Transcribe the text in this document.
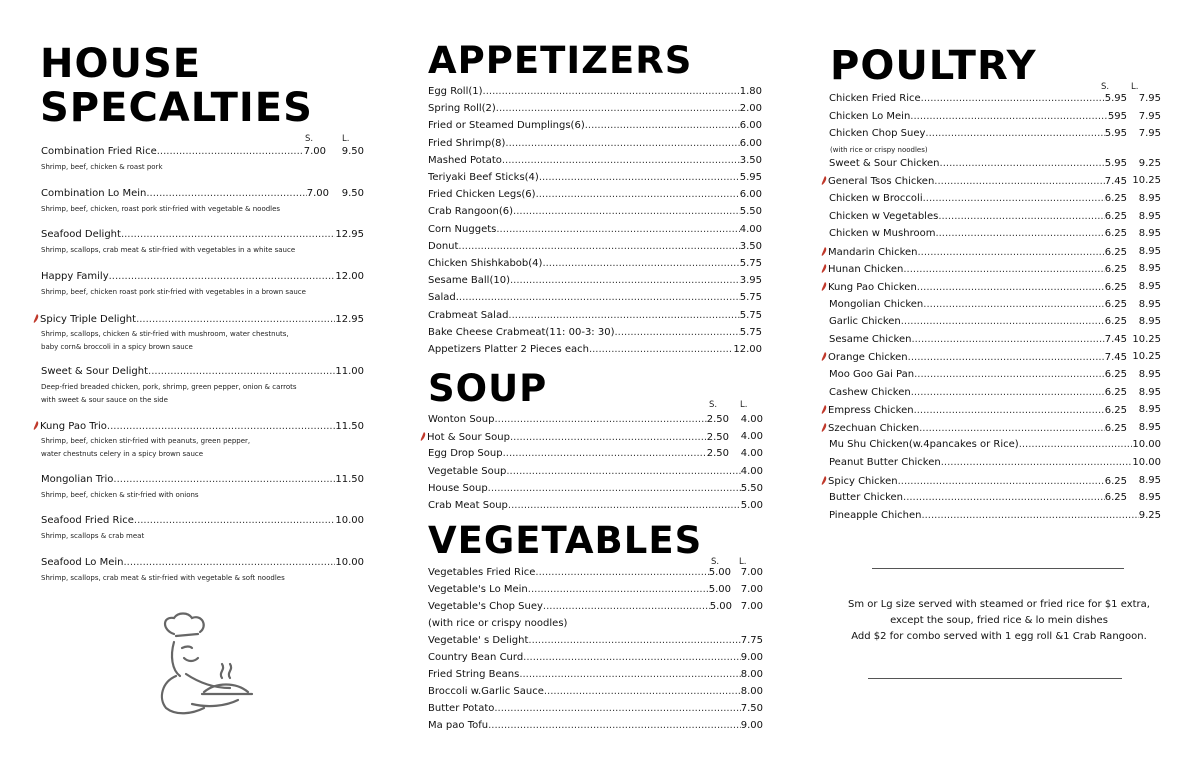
HOUSE
SPECALTIES
S.	L.
Combination Fried Rice .....	7.00	9.50
Shrimp, beef, chicken & roast pork
Combination Lo Mein .....	7.00	9.50
Shrimp, beef, chicken, roast pork stir-fried with vegetable & noodles
Seafood Delight .....	12.95
Shrimp, scallops, crab meat & stir-fried with vegetables in a white sauce
Happy Family .....	12.00
Shrimp, beef, chicken roast pork stir-fried with vegetables in a brown sauce
Spicy Triple Delight .....	12.95
Shrimp, scallops, chicken & stir-fried with mushroom, water chestnuts,
baby corn& broccoli in a spicy brown sauce
Sweet & Sour Delight .....	11.00
Deep-fried breaded chicken, pork, shrimp, green pepper, onion & carrots
with sweet & sour sauce on the side
Kung Pao Trio .....	11.50
Shrimp, beef, chicken stir-fried with peanuts, green pepper,
water chestnuts celery in a spicy brown sauce
Mongolian Trio .....	11.50
Shrimp, beef, chicken & stir-fried with onions
Seafood Fried Rice .....	10.00
Shrimp, scallops & crab meat
Seafood Lo Mein .....	10.00
Shrimp, scallops, crab meat & stir-fried with vegetable & soft noodles
APPETIZERS
Egg Roll(1) .....	1.80
Spring Roll(2) .....	2.00
Fried or Steamed Dumplings(6) .....	6.00
Fried Shrimp(8) .....	6.00
Mashed Potato .....	3.50
Teriyaki Beef Sticks(4) .....	5.95
Fried Chicken Legs(6) .....	6.00
Crab Rangoon(6) .....	5.50
Corn Nuggets .....	4.00
Donut .....	3.50
Chicken Shishkabob(4) .....	5.75
Sesame Ball(10) .....	3.95
Salad. .....	5.75
Crabmeat Salad .....	5.75
Bake Cheese Crabmeat(11: 00-3: 30) .....	5.75
Appetizers Platter 2 Pieces each .....	12.00
SOUP	S.	L.
Wonton Soup .....	2.50	4.00
Hot & Sour Soup .....	2.50	4.00
Egg Drop Soup .....	2.50	4.00
Vegetable Soup .....	4.00
House Soup .....	5.50
Crab Meat Soup .....	5.00
VEGETABLES S. L.
Vegetables Fried Rice .....	5.00 7.00
Vegetable's Lo Mein .....	5.00 7.00
Vegetable's Chop Suey .....	5.00 7.00
(with rice or crispy noodles)
Vegetable' s Delight .....	7.75
Country Bean Curd .....	9.00
Fried String Beans .....	8.00
Broccoli w.Garlic Sauce .....	8.00
Butter Potato .....	7.50
Ma pao Tofu .....	9.00
POULTRY	S.	L.
(with rice or crispy noodles)
Chicken Fried Rice .....	5.95	7.95
Chicken Lo Mein .....	595	7.95
Chicken Chop Suey .....	5.95	7.95
Sweet & Sour Chicken .....	5.95	9.25
General Tsos Chicken .....	7.45 10.25
Chicken w Broccoli .....	6.25	8.95
Chicken w Vegetables .....	6.25	8.95
Chicken w Mushroom .....	6.25	8.95
Mandarin Chicken .....	6.25	8.95
Hunan Chicken .....	6.25	8.95
Kung Pao Chicken .....	6.25	8.95
Mongolian Chicken .....	6.25	8.95
Garlic Chicken .....	6.25	8.95
Sesame Chicken .....	7.45 10.25
Orange Chicken .....	7.45 10.25
Moo Goo Gai Pan .....	6.25	8.95
Cashew Chicken .....	6.25	8.95
Empress Chicken .....	6.25	8.95
Szechuan Chicken .....	6.25	8.95
Mu Shu Chicken(w.4pancakes or Rice) .....	10.00
Peanut Butter Chicken .....	10.00
Spicy Chicken .....	6.25	8.95
Butter Chicken .....	6.25	8.95
Pineapple Chichen .....	9.25
Sm or Lg size served with steamed or fried rice for $1 extra,
except the soup, fried rice & lo mein dishes
Add $2 for combo served with 1 egg roll &1 Crab Rangoon.
